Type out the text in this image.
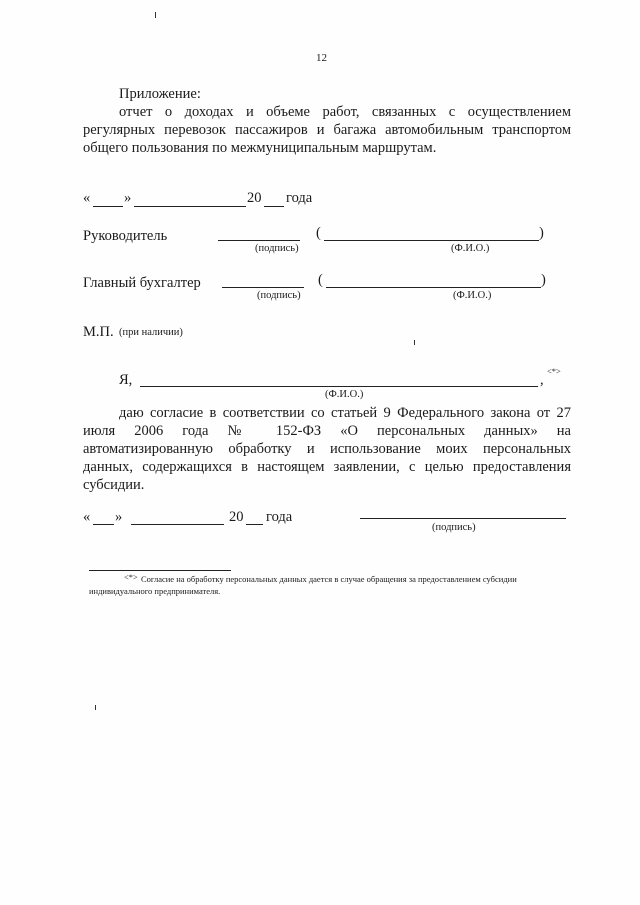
12
Приложение:
отчет о доходах и объеме работ, связанных с осуществлением
регулярных перевозок пассажиров и багажа автомобильным транспортом
общего пользования по межмуниципальным маршрутам.
« »	20 года
Руководитель
(подпись)
(	)
(Ф.И.О.)
Главный бухгалтер
(подпись)
(	)
(Ф.И.О.)
М.П. (при наличии)
Я,	,
<*>
(Ф.И.О.)
даю согласие в соответствии со статьей 9 Федерального закона от 27
июля 2006 года № 152-ФЗ «О персональных данных» на
автоматизированную обработку и использование моих персональных
данных, содержащихся в настоящем заявлении, с целью предоставления
субсидии.
« »	20 года
(подпись)
<*> Согласие на обработку персональных данных дается в случае обращения за предоставлением субсидии
индивидуального предпринимателя.
